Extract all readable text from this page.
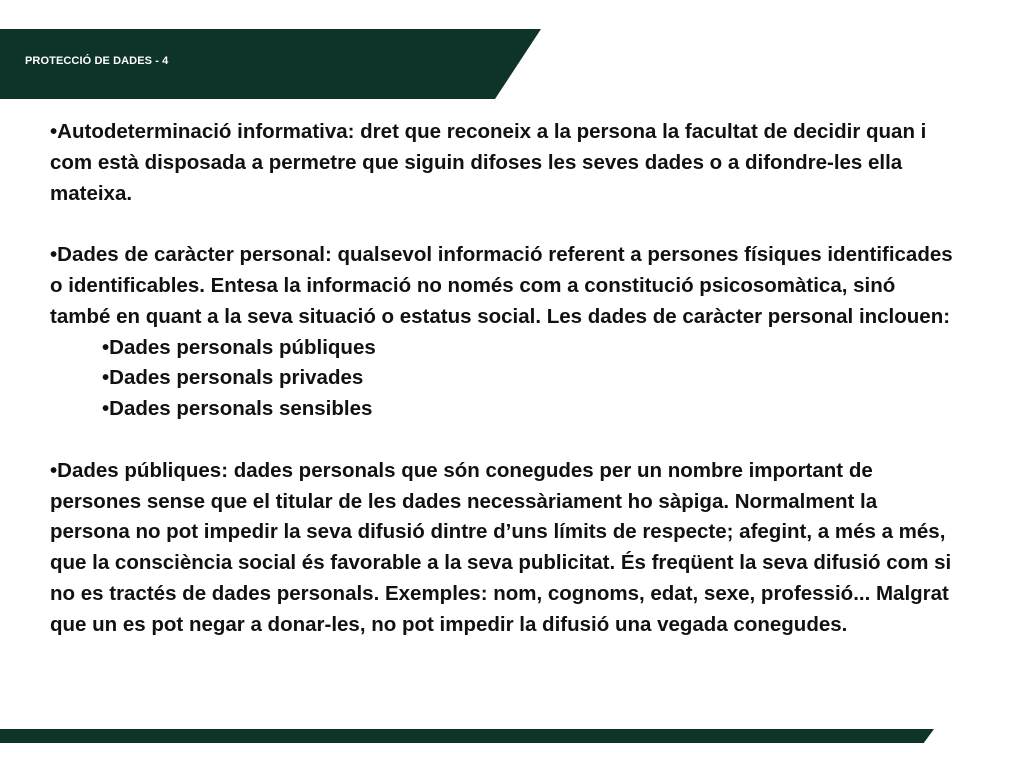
PROTECCIÓ DE DADES - 4

•Autodeterminació informativa: dret que reconeix a la persona la facultat de decidir quan i com està disposada a permetre que siguin difoses les seves dades o a difondre-les ella mateixa.

•Dades de caràcter personal: qualsevol informació referent a persones físiques identificades o identificables. Entesa la informació no només com a constitució psicosomàtica, sinó també en quant a la seva situació o estatus social. Les dades de caràcter personal inclouen:
•Dades personals públiques
•Dades personals privades
•Dades personals sensibles

•Dades públiques: dades personals que són conegudes per un nombre important de persones sense que el titular de les dades necessàriament ho sàpiga. Normalment la persona no pot impedir la seva difusió dintre d’uns límits de respecte; afegint, a més a més, que la consciència social és favorable a la seva publicitat. És freqüent la seva difusió com si no es tractés de dades personals. Exemples: nom, cognoms, edat, sexe, professió... Malgrat que un es pot negar a donar-les, no pot impedir la difusió una vegada conegudes.
